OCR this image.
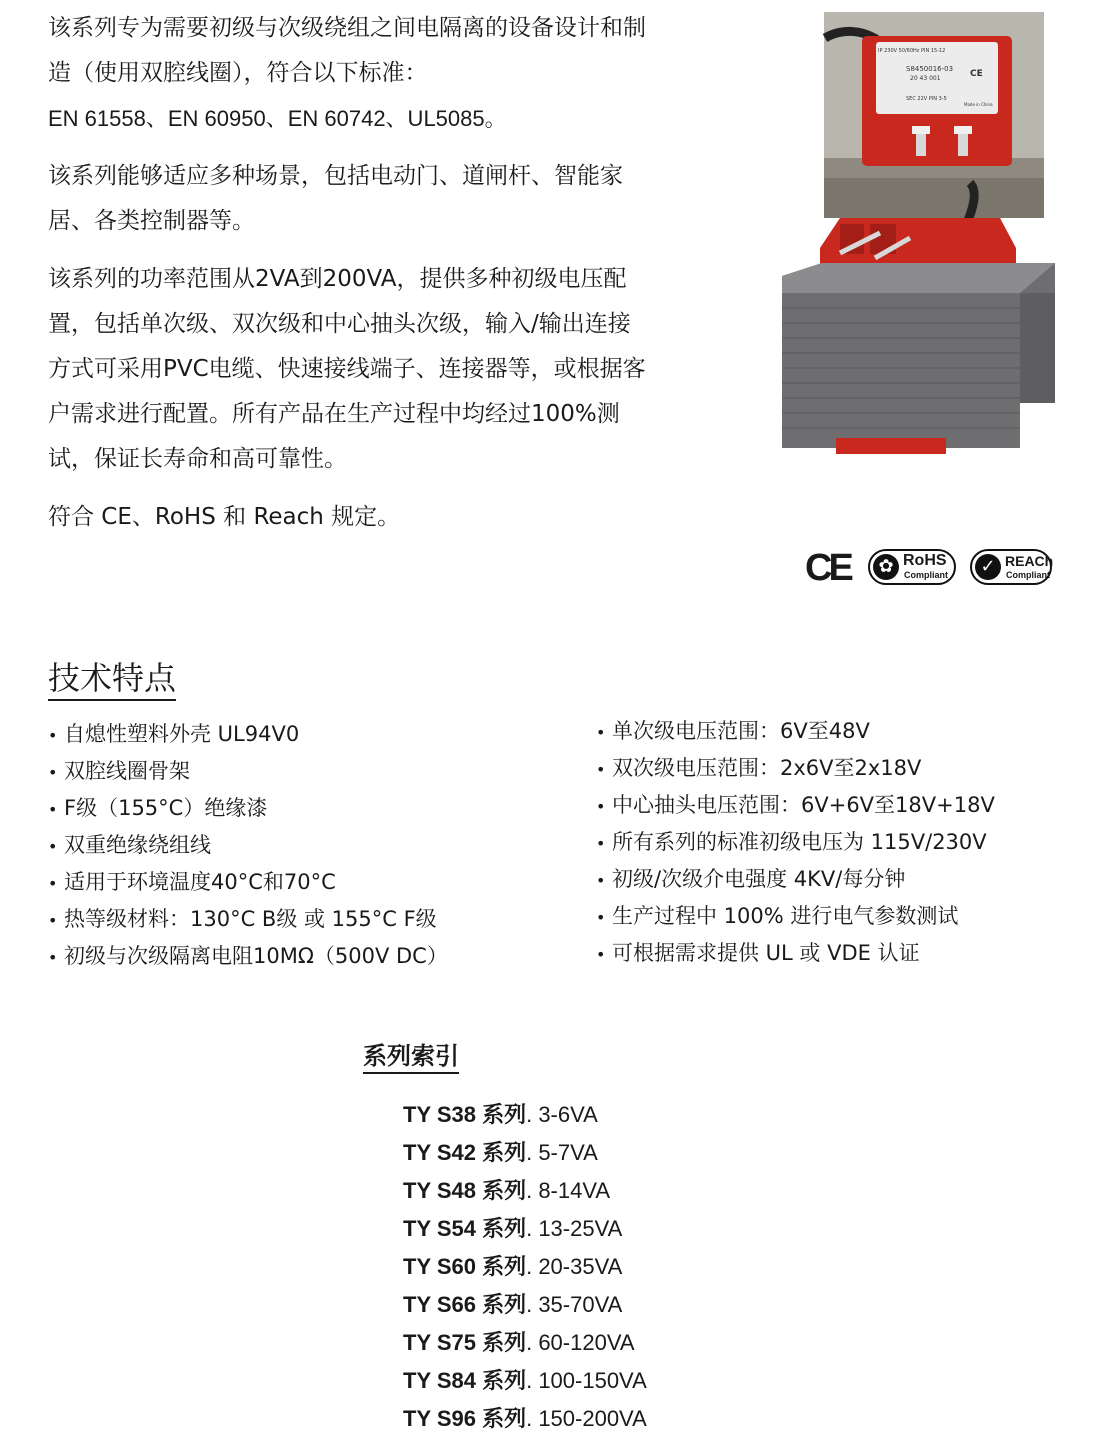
该系列专为需要初级与次级绕组之间电隔离的设备设计和制
造（使用双腔线圈），符合以下标准：
EN 61558、EN 60950、EN 60742、UL5085。
该系列能够适应多种场景，包括电动门、道闸杆、智能家
居、各类控制器等。
该系列的功率范围从2VA到200VA，提供多种初级电压配
置，包括单次级、双次级和中心抽头次级，输入/输出连接
方式可采用PVC电缆、快速接线端子、连接器等，或根据客
户需求进行配置。所有产品在生产过程中均经过100%测
试，保证长寿命和高可靠性。
符合 CE、RoHS 和 Reach 规定。
IP 230V 50/60Hz PIN 15-12
S8450016-03
20 43 001	CE
SEC 22V PIN 3-5
Made in China
CE	✿ RoHS
Compliant	✓ REACh
Compliant
技术特点
• 自熄性塑料外壳 UL94V0
• 双腔线圈骨架
• F级（155°C）绝缘漆
• 双重绝缘绕组线
• 适用于环境温度40°C和70°C
• 热等级材料：130°C B级 或 155°C F级
• 初级与次级隔离电阻10MΩ（500V DC）
• 单次级电压范围：6V至48V
• 双次级电压范围：2x6V至2x18V
• 中心抽头电压范围：6V+6V至18V+18V
• 所有系列的标准初级电压为 115V/230V
• 初级/次级介电强度 4KV/每分钟
• 生产过程中 100% 进行电气参数测试
• 可根据需求提供 UL 或 VDE 认证
系列索引
TY S38 系列. 3-6VA
TY S42 系列. 5-7VA
TY S48 系列. 8-14VA
TY S54 系列. 13-25VA
TY S60 系列. 20-35VA
TY S66 系列. 35-70VA
TY S75 系列. 60-120VA
TY S84 系列. 100-150VA
TY S96 系列. 150-200VA
